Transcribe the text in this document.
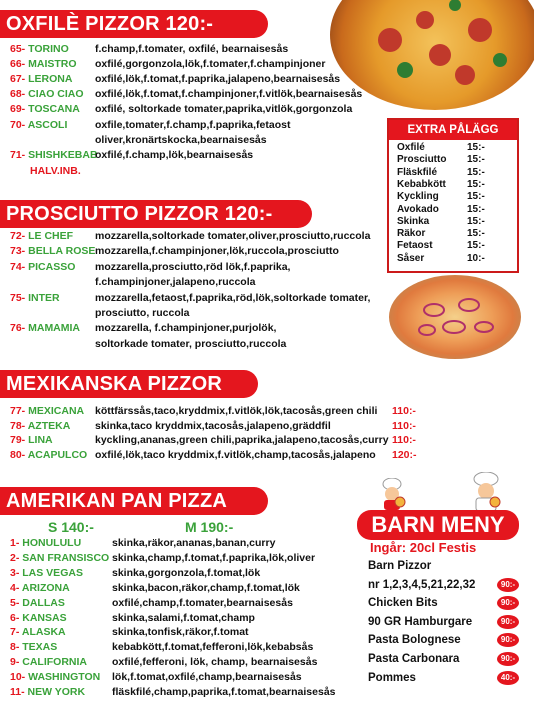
OXFILÈ PIZZOR 120:-
65- TORINO f.champ,f.tomater, oxfilé, bearnaisesås
66- MAISTRO oxfilé,gorgonzola,lök,f.tomater,f.champinjoner
67- LERONA oxfilé,lök,f.tomat,f.paprika,jalapeno,bearnaisesås
68- CIAO CIAO oxfilé,lök,f.tomat,f.champinjoner,f.vitlök,bearnaisesås
69- TOSCANA oxfilé, soltorkade tomater,paprika,vitlök,gorgonzola
70- ASCOLI	oxfile,tomater,f.champ,f.paprika,fetaost
oliver,kronärtskocka,bearnaisesås
71- SHISHKEBAB
oxfilé,f.champ,lök,bearnaisesås
HALV.INB.
EXTRA PÅLÄGG
Oxfilé	15:-
Prosciutto 15:-
Fläskfilé	15:-
Kebabkött 15:-
Kyckling	15:-
Avokado	15:-
Skinka	15:-
Räkor	15:-
Fetaost	15:-
Såser	10:-
PROSCIUTTO PIZZOR 120:-
72- LE CHEF mozzarella,soltorkade tomater,oliver,prosciutto,ruccola
73- BELLA ROSE mozzarella,f.champinjoner,lök,ruccola,prosciutto
74- PICASSO mozzarella,prosciutto,röd lök,f.paprika,
f.champinjoner,jalapeno,ruccola
75- INTER	mozzarella,fetaost,f.paprika,röd,lök,soltorkade tomater,
prosciutto, ruccola
76- MAMAMIA mozzarella, f.champinjoner,purjolök,
soltorkade tomater, prosciutto,ruccola
MEXIKANSKA PIZZOR
77- MEXICANA köttfärssås,taco,kryddmix,f.vitlök,lök,tacosås,green chili 110:-
78- AZTEKA skinka,taco kryddmix,tacosås,jalapeno,gräddfil	110:-
79- LINA	kyckling,ananas,green chili,paprika,jalapeno,tacosås,curry 110:-
80- ACAPULCO oxfilé,lök,taco kryddmix,f.vitlök,champ,tacosås,jalapeno 120:-
AMERIKAN PAN PIZZA
S 140:-	M 190:-
1- HONULULU	skinka,räkor,ananas,banan,curry
2- SAN FRANSISCO skinka,champ,f.tomat,f.paprika,lök,oliver
3- LAS VEGAS	skinka,gorgonzola,f.tomat,lök
4- ARIZONA	skinka,bacon,räkor,champ,f.tomat,lök
5- DALLAS	oxfilé,champ,f.tomater,bearnaisesås
6- KANSAS	skinka,salami,f.tomat,champ
7- ALASKA	skinka,tonfisk,räkor,f.tomat
8- TEXAS	kebabkött,f.tomat,fefferoni,lök,kebabsås
9- CALIFORNIA oxfilé,fefferoni, lök, champ, bearnaisesås
10- WASHINGTON lök,f.tomat,oxfilé,champ,bearnaisesås
11- NEW YORK	fläskfilé,champ,paprika,f.tomat,bearnaisesås
BARN MENY
Ingår: 20cl Festis
Barn Pizzor
nr 1,2,3,4,5,21,22,32	90:-
Chicken Bits	90:-
90 GR Hamburgare	90:-
Pasta Bolognese	90:-
Pasta Carbonara	90:-
Pommes	40:-
